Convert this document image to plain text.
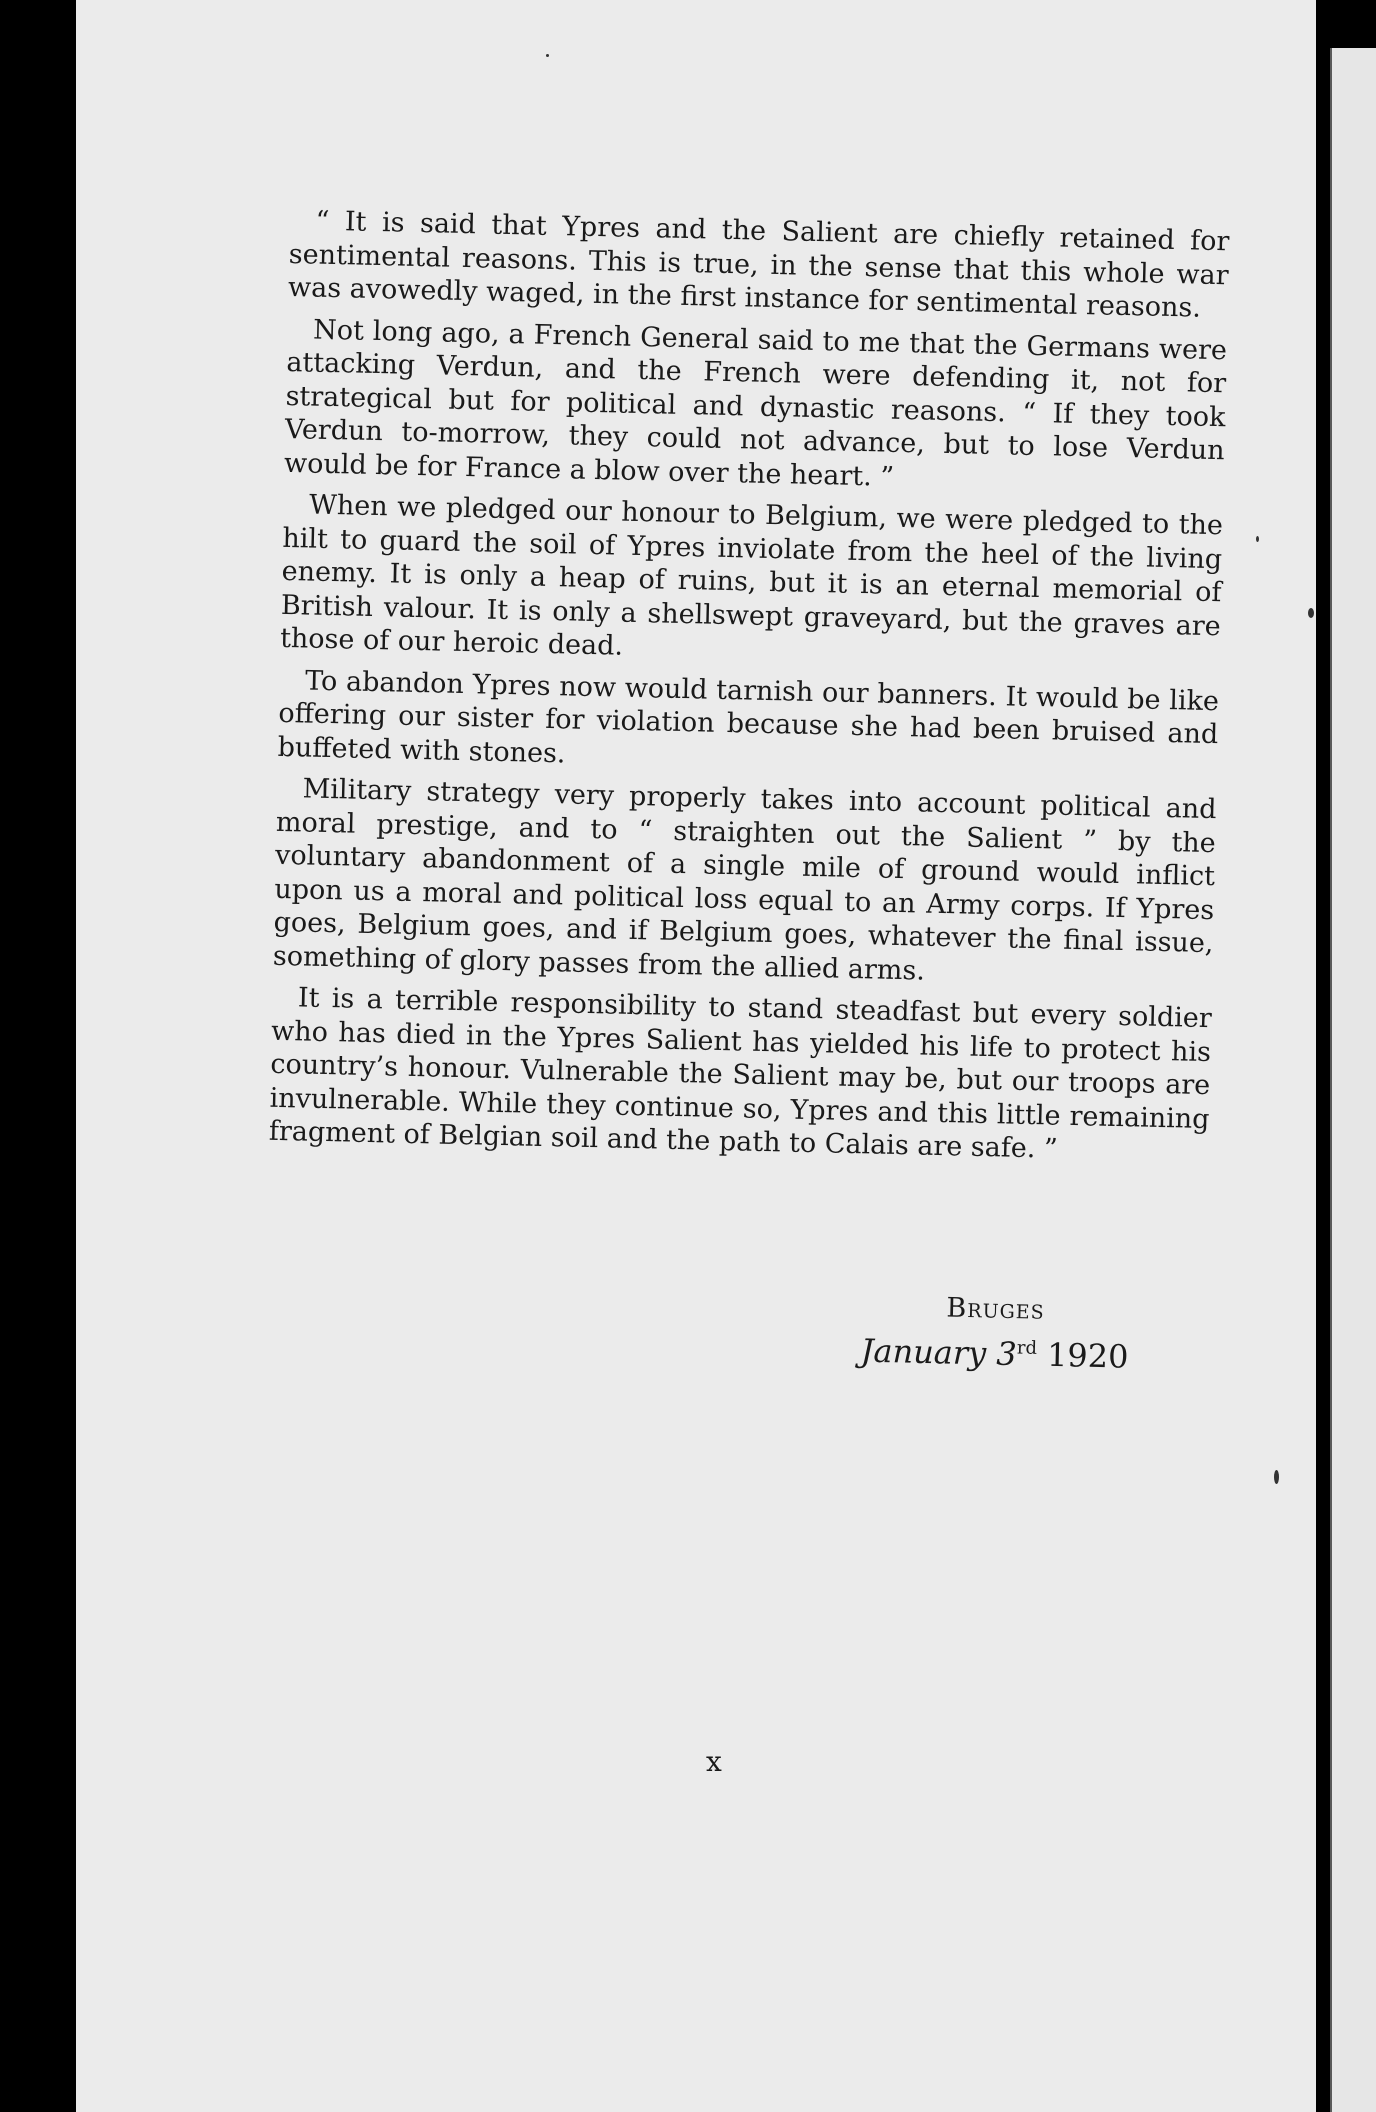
“ It is said that Ypres and the Salient are chiefly retained for sentimental reasons. This is true, in the sense that this whole war was avowedly waged, in the first instance for sentimental reasons.

Not long ago, a French General said to me that the Germans were attacking Verdun, and the French were defending it, not for strategical but for political and dynastic reasons. “ If they took Verdun to-morrow, they could not advance, but to lose Verdun would be for France a blow over the heart. ”

When we pledged our honour to Belgium, we were pledged to the hilt to guard the soil of Ypres inviolate from the heel of the living enemy. It is only a heap of ruins, but it is an eternal memorial of British valour. It is only a shellswept graveyard, but the graves are those of our heroic dead.

To abandon Ypres now would tarnish our banners. It would be like offering our sister for violation because she had been bruised and buffeted with stones.

Military strategy very properly takes into account political and moral prestige, and to “ straighten out the Salient ” by the voluntary abandonment of a single mile of ground would inflict upon us a moral and political loss equal to an Army corps. If Ypres goes, Belgium goes, and if Belgium goes, whatever the final issue, something of glory passes from the allied arms.

It is a terrible responsibility to stand steadfast but every soldier who has died in the Ypres Salient has yielded his life to protect his country’s honour. Vulnerable the Salient may be, but our troops are invulnerable. While they continue so, Ypres and this little remaining fragment of Belgian soil and the path to Calais are safe. ”

Bruges
January 3rd 1920
x
